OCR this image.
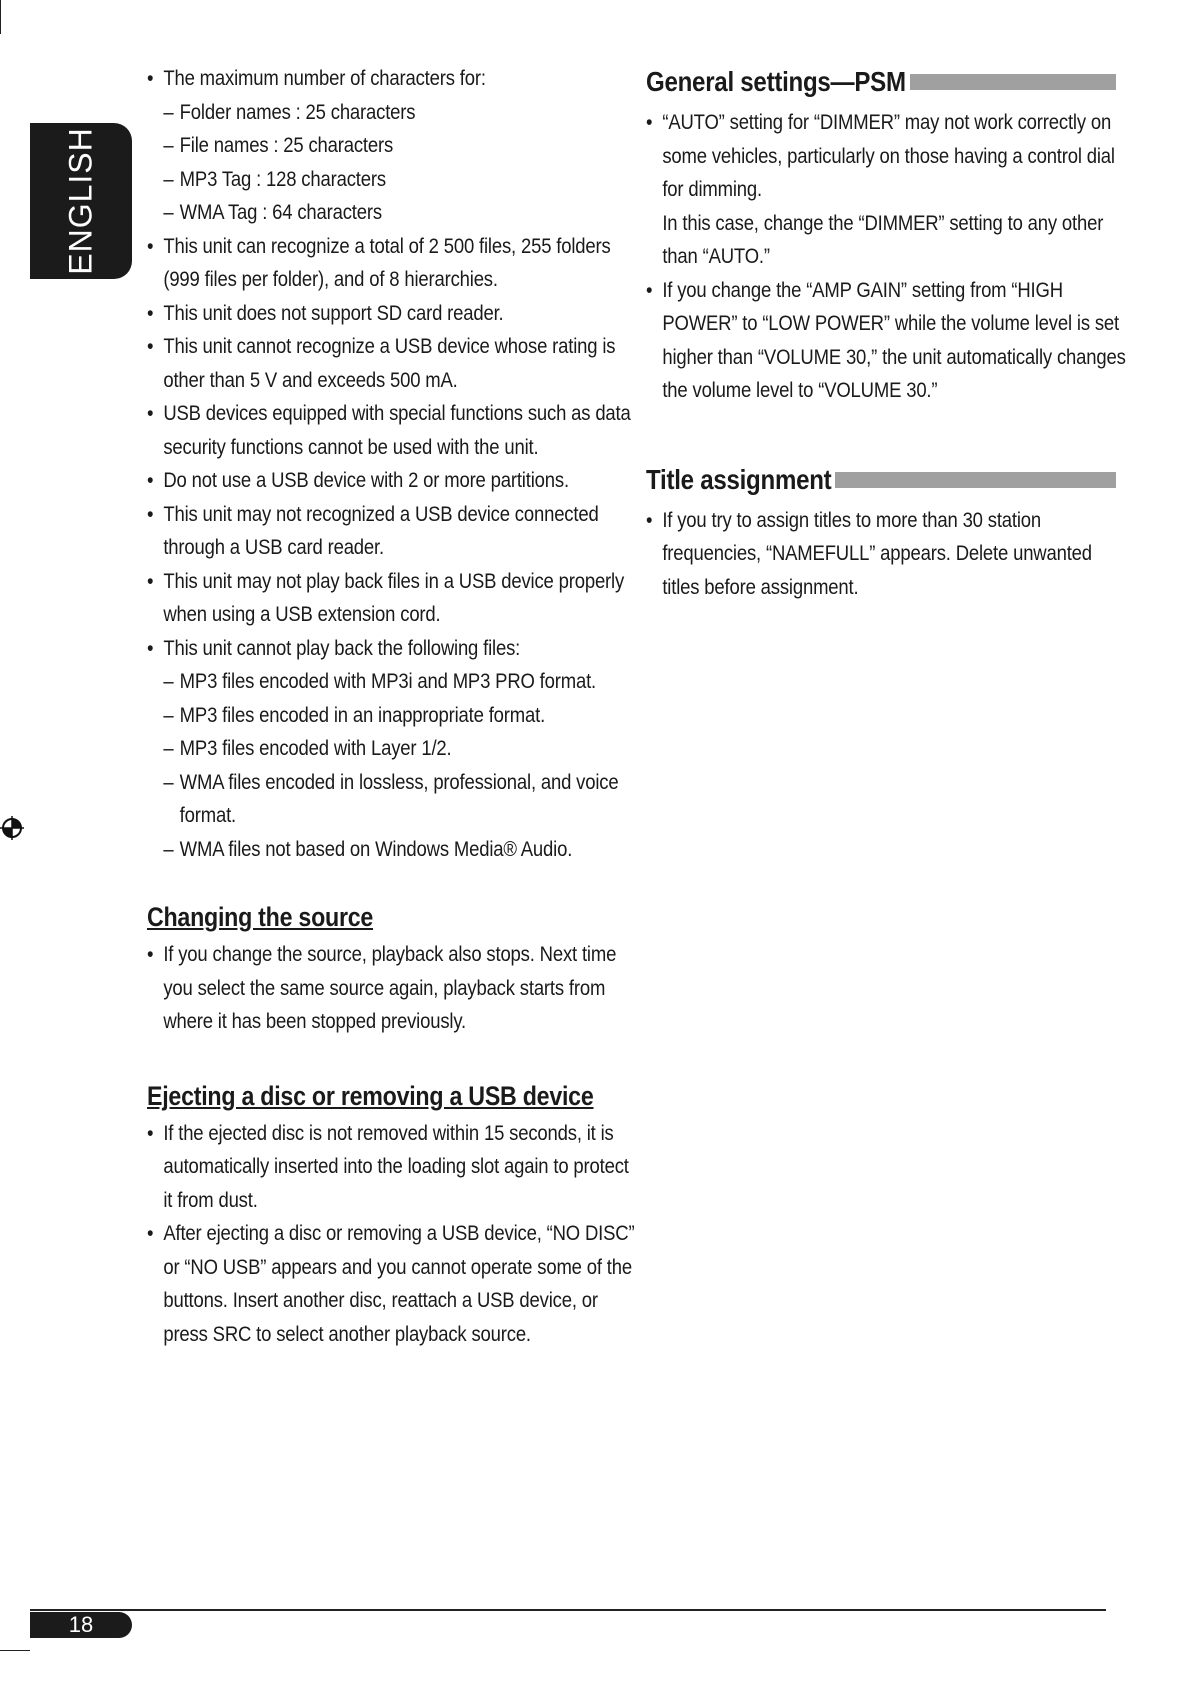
ENGLISH
• The maximum number of characters for:
– Folder names : 25 characters
– File names : 25 characters
– MP3 Tag : 128 characters
– WMA Tag : 64 characters
• This unit can recognize a total of 2 500 files, 255 folders (999 files per folder), and of 8 hierarchies.
• This unit does not support SD card reader.
• This unit cannot recognize a USB device whose rating is other than 5 V and exceeds 500 mA.
• USB devices equipped with special functions such as data security functions cannot be used with the unit.
• Do not use a USB device with 2 or more partitions.
• This unit may not recognized a USB device connected through a USB card reader.
• This unit may not play back files in a USB device properly when using a USB extension cord.
• This unit cannot play back the following files:
– MP3 files encoded with MP3i and MP3 PRO format.
– MP3 files encoded in an inappropriate format.
– MP3 files encoded with Layer 1/2.
– WMA files encoded in lossless, professional, and voice format.
– WMA files not based on Windows Media® Audio.
Changing the source
• If you change the source, playback also stops. Next time you select the same source again, playback starts from where it has been stopped previously.
Ejecting a disc or removing a USB device
• If the ejected disc is not removed within 15 seconds, it is automatically inserted into the loading slot again to protect it from dust.
• After ejecting a disc or removing a USB device, “NO DISC” or “NO USB” appears and you cannot operate some of the buttons. Insert another disc, reattach a USB device, or press SRC to select another playback source.
General settings—PSM
• “AUTO” setting for “DIMMER” may not work correctly on some vehicles, particularly on those having a control dial for dimming.
In this case, change the “DIMMER” setting to any other than “AUTO.”
• If you change the “AMP GAIN” setting from “HIGH POWER” to “LOW POWER” while the volume level is set higher than “VOLUME 30,” the unit automatically changes the volume level to “VOLUME 30.”
Title assignment
• If you try to assign titles to more than 30 station frequencies, “NAMEFULL” appears. Delete unwanted titles before assignment.
18
